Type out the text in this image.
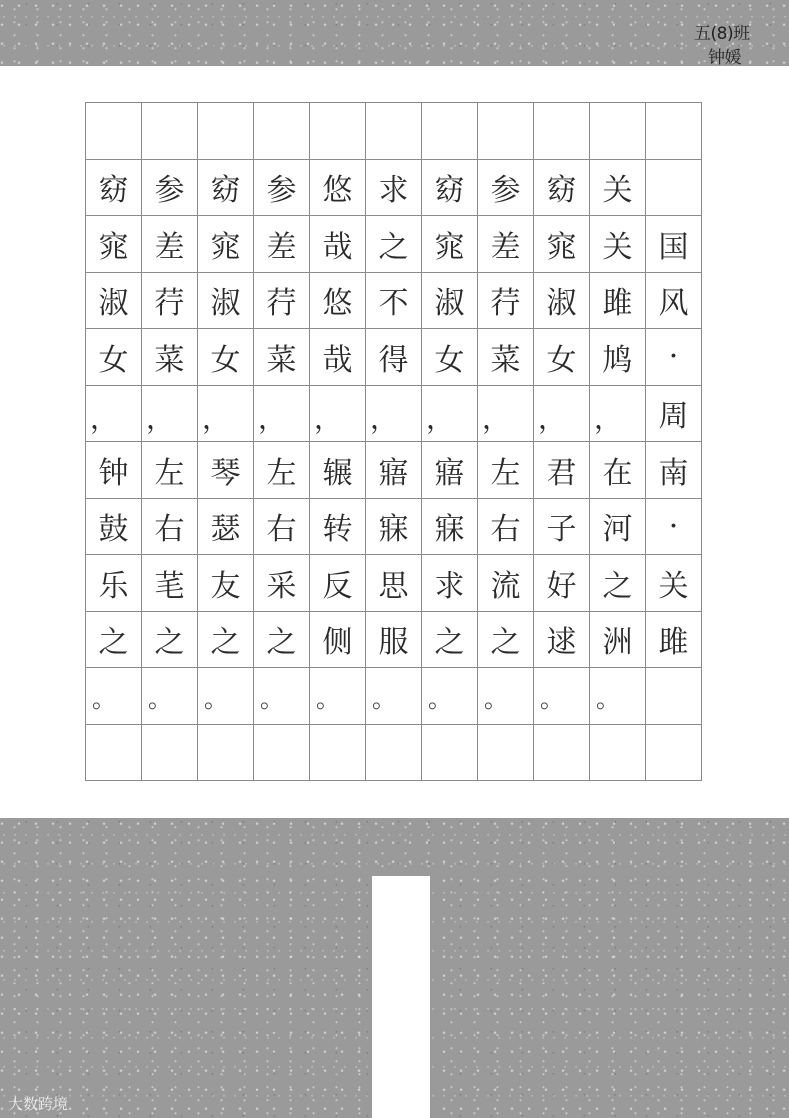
五(8)班
钟媛
窈 参 窈 参 悠 求 窈 参 窈 关
窕 差 窕 差 哉 之 窕 差 窕 关 国
淑 荇 淑 荇 悠 不 淑 荇 淑 雎 风
女 菜 女 菜 哉 得 女 菜 女 鸠	·
， ， ， ， ， ， ， ， ， ，	周
钟 左 琴 左 辗 寤 寤 左 君 在 南
鼓 右 瑟 右 转 寐 寐 右 子 河	·
乐 芼 友 采 反 思 求 流 好 之 关
之 之 之 之 侧 服 之 之 逑 洲 雎
。	。	。	。	。	。	。	。	。	。
大数跨境
